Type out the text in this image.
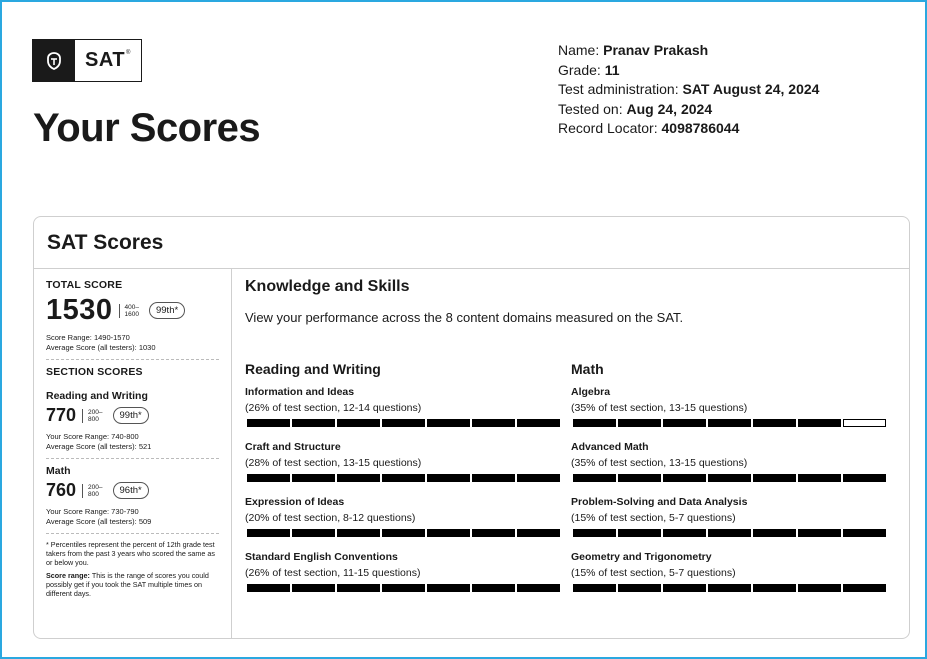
SAT®
Your Scores
Name: Pranav Prakash
Grade: 11
Test administration: SAT August 24, 2024
Tested on: Aug 24, 2024
Record Locator: 4098786044
SAT Scores
TOTAL SCORE
1530	400–
1600	99th*
Score Range: 1490-1570
Average Score (all testers): 1030
SECTION SCORES
Reading and Writing
770	200–
800	99th*
Your Score Range: 740-800
Average Score (all testers): 521
Math
760	200–
800	96th*
Your Score Range: 730-790
Average Score (all testers): 509
* Percentiles represent the percent of 12th grade test takers from the past 3 years who scored the same as or below you.
Score range: This is the range of scores you could possibly get if you took the SAT multiple times on different days.
Knowledge and Skills
View your performance across the 8 content domains measured on the SAT.
Reading and Writing
Information and Ideas
(26% of test section, 12-14 questions)
Craft and Structure
(28% of test section, 13-15 questions)
Expression of Ideas
(20% of test section, 8-12 questions)
Standard English Conventions
(26% of test section, 11-15 questions)
Math
Algebra
(35% of test section, 13-15 questions)
Advanced Math
(35% of test section, 13-15 questions)
Problem-Solving and Data Analysis
(15% of test section, 5-7 questions)
Geometry and Trigonometry
(15% of test section, 5-7 questions)
